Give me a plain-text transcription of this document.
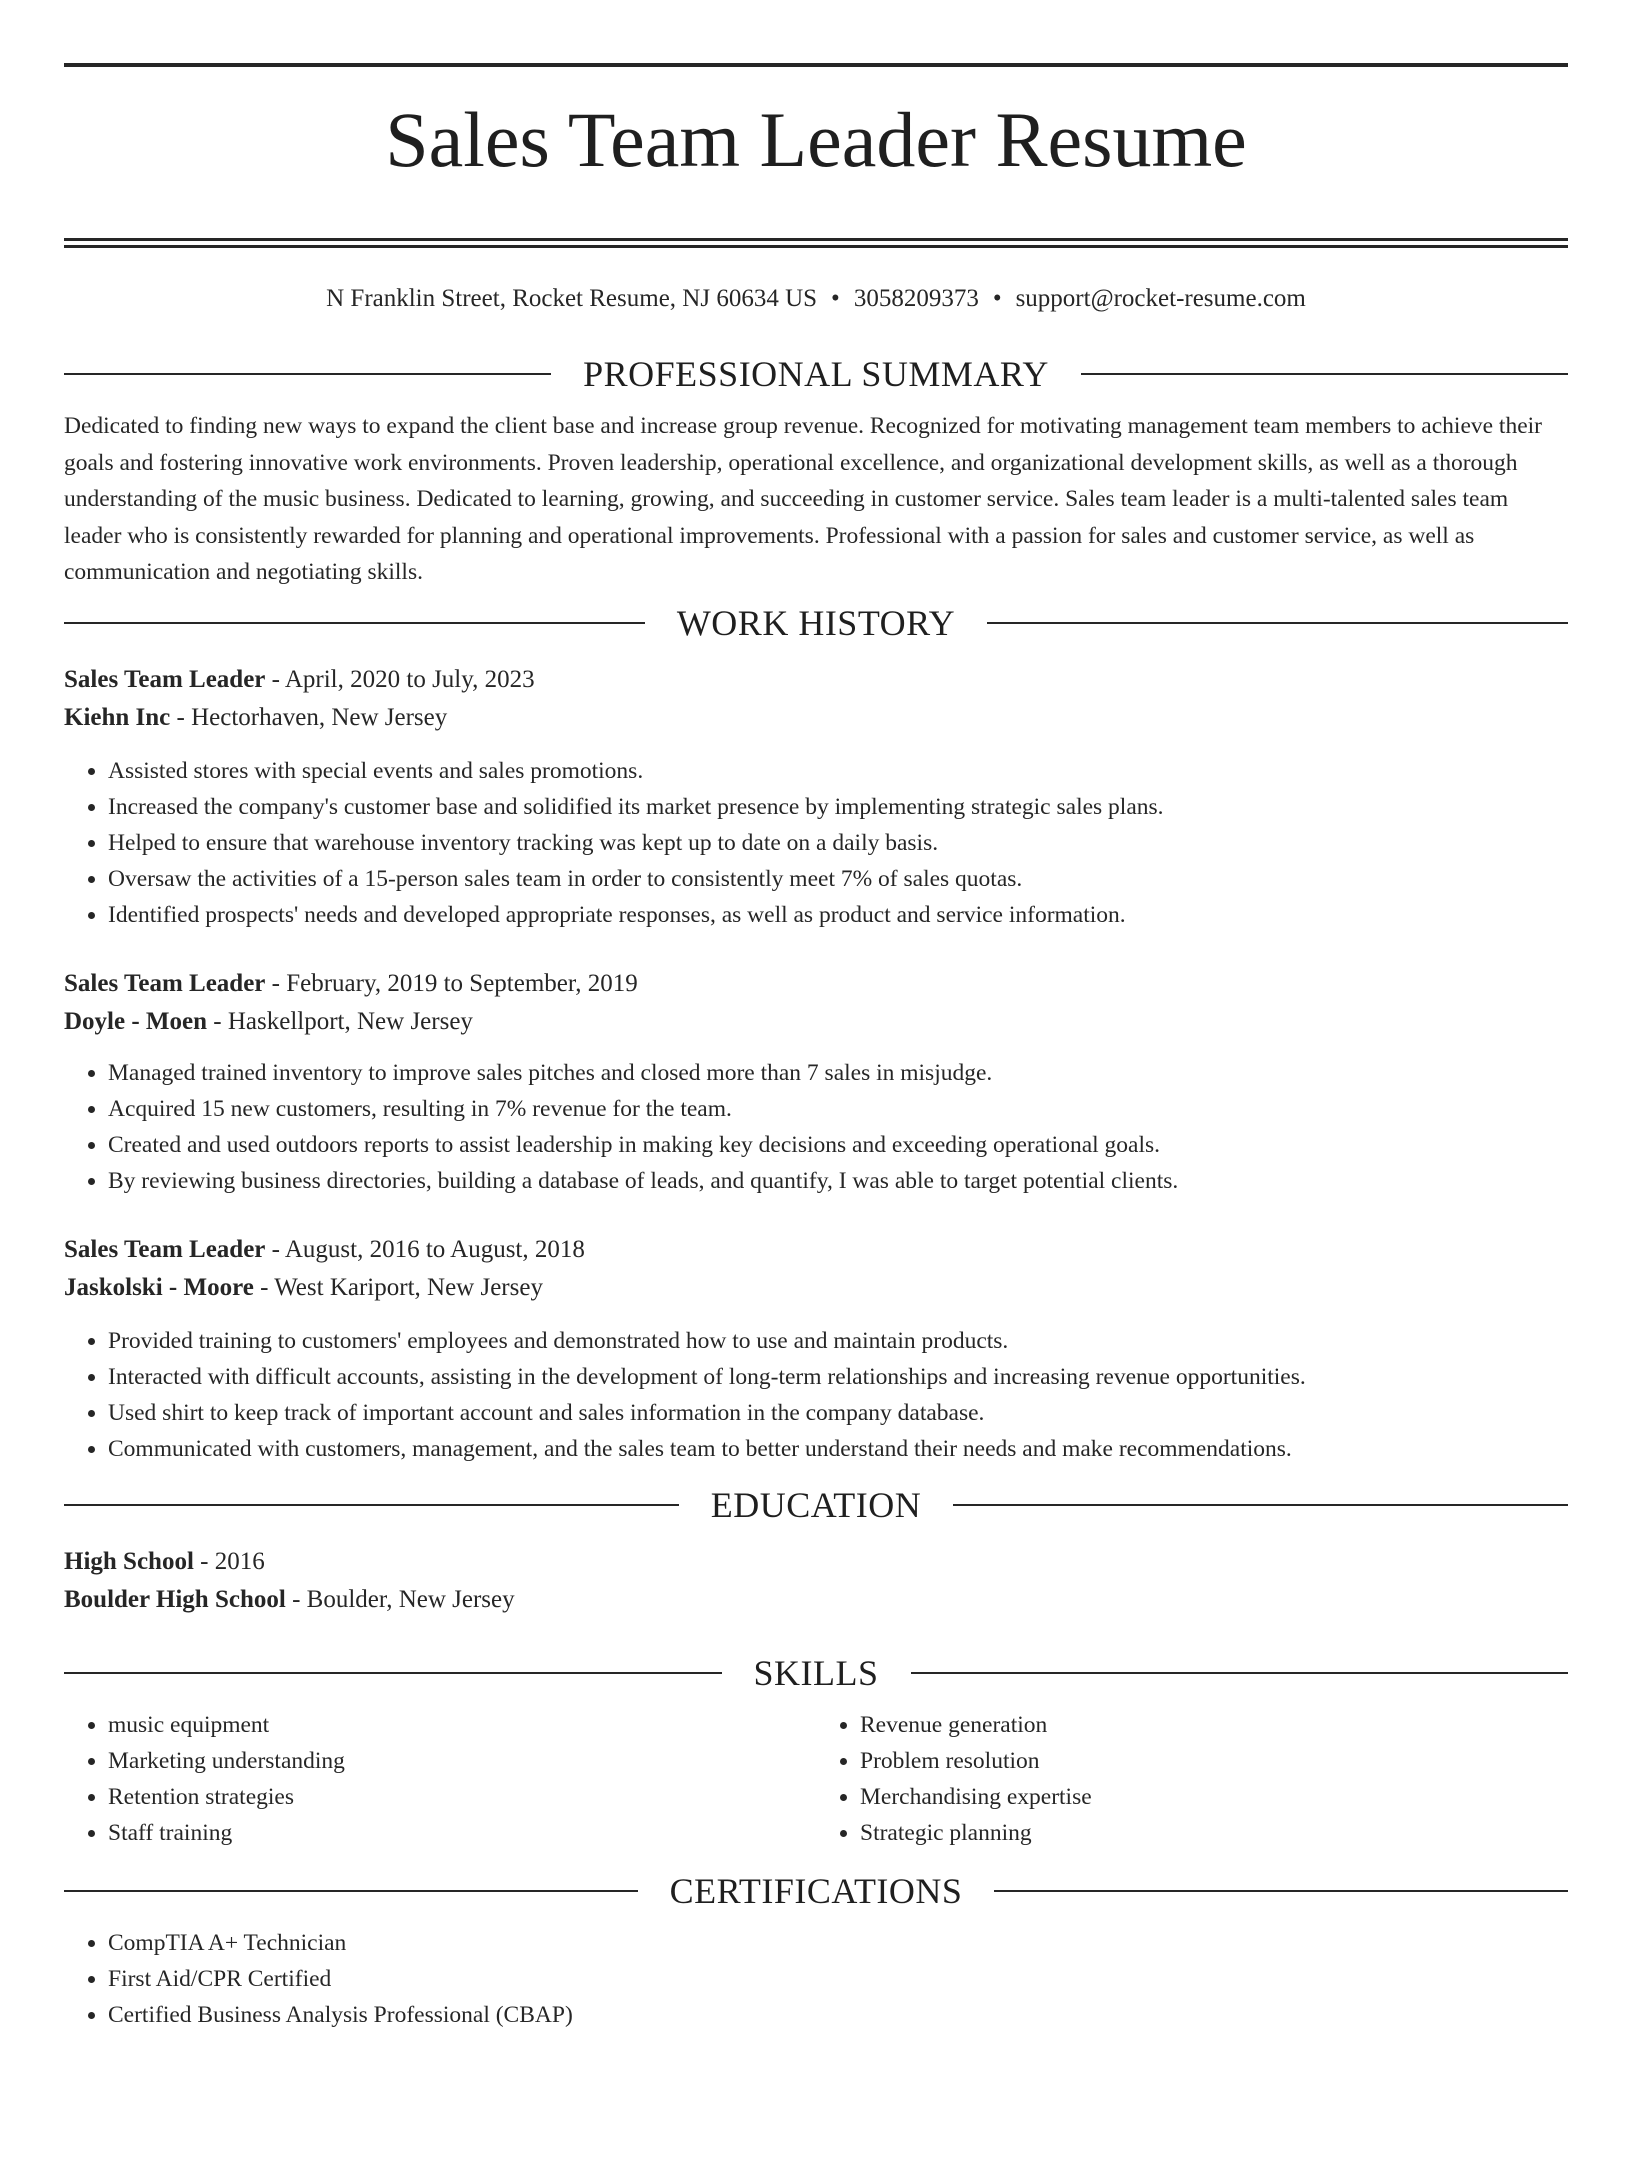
Sales Team Leader Resume
N Franklin Street, Rocket Resume, NJ 60634 US • 3058209373 • support@rocket-resume.com
PROFESSIONAL SUMMARY

Dedicated to finding new ways to expand the client base and increase group revenue. Recognized for motivating management team members to achieve their goals and fostering innovative work environments. Proven leadership, operational excellence, and organizational development skills, as well as a thorough understanding of the music business. Dedicated to learning, growing, and succeeding in customer service. Sales team leader is a multi-talented sales team leader who is consistently rewarded for planning and operational improvements. Professional with a passion for sales and customer service, as well as communication and negotiating skills.

WORK HISTORY
Sales Team Leader - April, 2020 to July, 2023
Kiehn Inc - Hectorhaven, New Jersey
• Assisted stores with special events and sales promotions.
• Increased the company's customer base and solidified its market presence by implementing strategic sales plans.
• Helped to ensure that warehouse inventory tracking was kept up to date on a daily basis.
• Oversaw the activities of a 15-person sales team in order to consistently meet 7% of sales quotas.
• Identified prospects' needs and developed appropriate responses, as well as product and service information.
Sales Team Leader - February, 2019 to September, 2019
Doyle - Moen - Haskellport, New Jersey
• Managed trained inventory to improve sales pitches and closed more than 7 sales in misjudge.
• Acquired 15 new customers, resulting in 7% revenue for the team.
• Created and used outdoors reports to assist leadership in making key decisions and exceeding operational goals.
• By reviewing business directories, building a database of leads, and quantify, I was able to target potential clients.
Sales Team Leader - August, 2016 to August, 2018
Jaskolski - Moore - West Kariport, New Jersey
• Provided training to customers' employees and demonstrated how to use and maintain products.
• Interacted with difficult accounts, assisting in the development of long-term relationships and increasing revenue opportunities.
• Used shirt to keep track of important account and sales information in the company database.
• Communicated with customers, management, and the sales team to better understand their needs and make recommendations.
EDUCATION
High School - 2016
Boulder High School - Boulder, New Jersey
SKILLS
• music equipment
• Marketing understanding
• Retention strategies
• Staff training
• Revenue generation
• Problem resolution
• Merchandising expertise
• Strategic planning
CERTIFICATIONS
• CompTIA A+ Technician
• First Aid/CPR Certified
• Certified Business Analysis Professional (CBAP)
